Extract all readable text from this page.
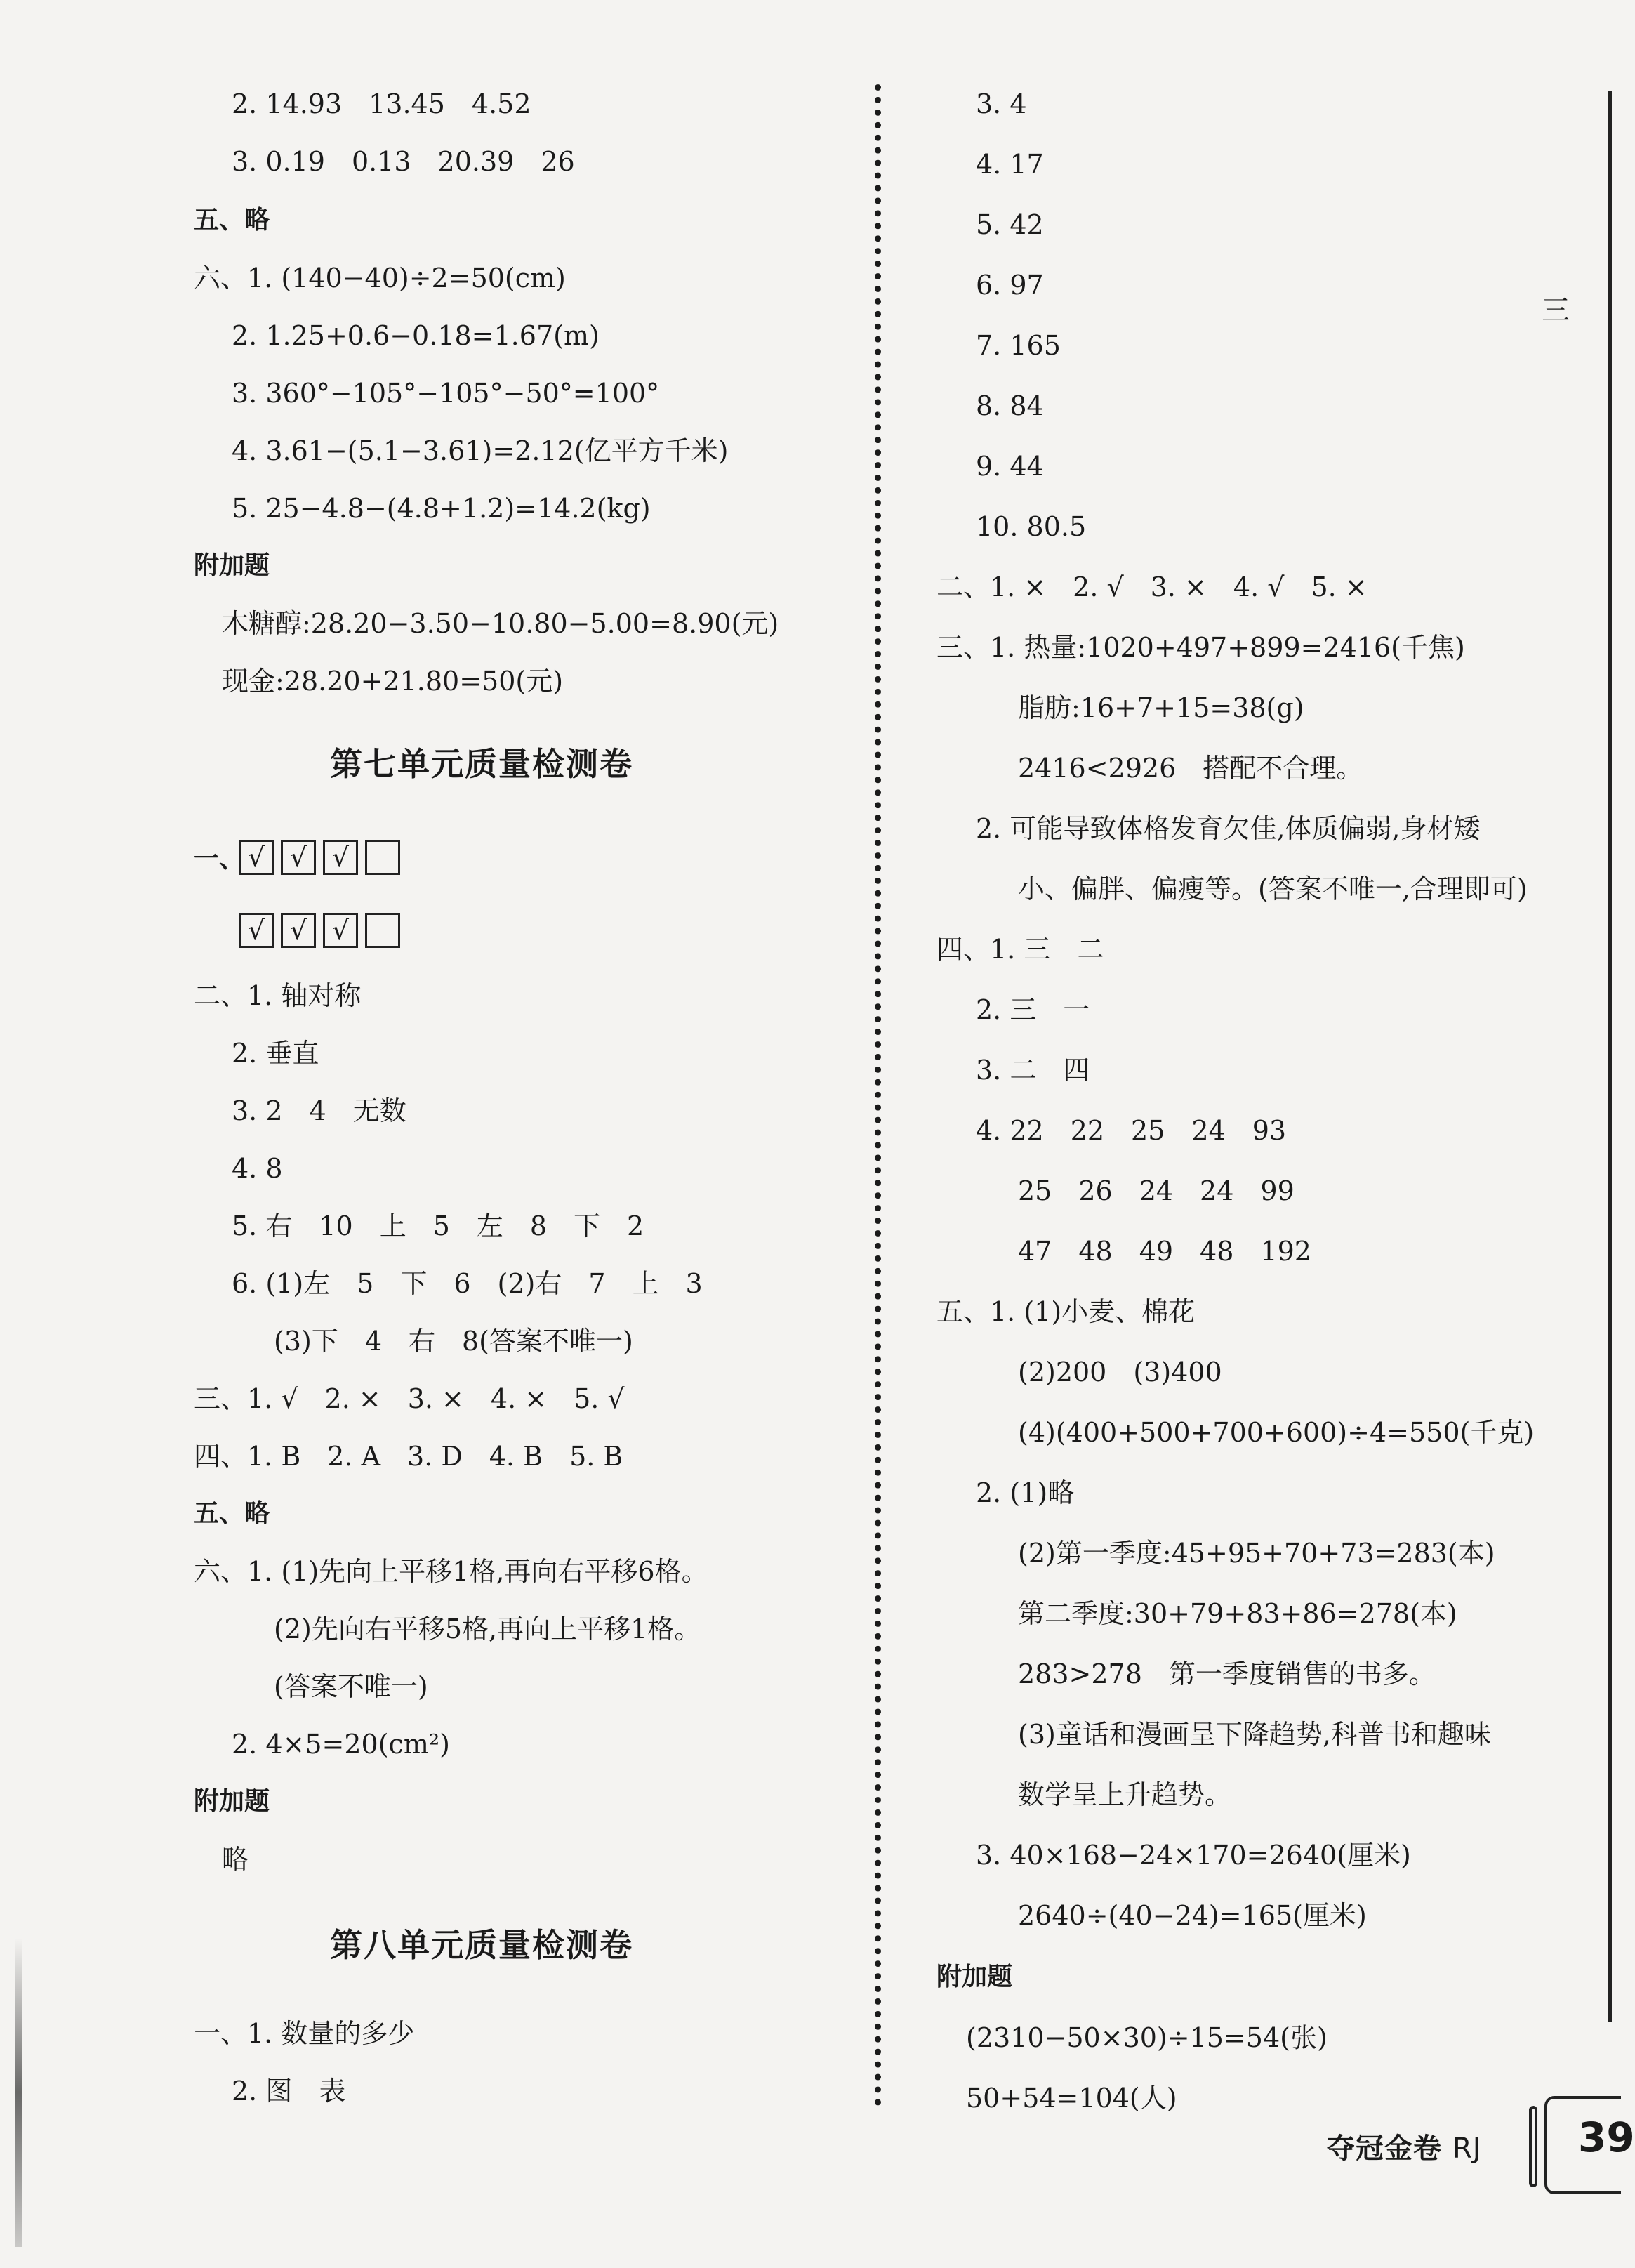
2. 14.93　13.45　4.52
3. 0.19　0.13　20.39　26
五、略
六、1. (140−40)÷2=50(cm)
2. 1.25+0.6−0.18=1.67(m)
3. 360°−105°−105°−50°=100°
4. 3.61−(5.1−3.61)=2.12(亿平方千米)
5. 25−4.8−(4.8+1.2)=14.2(kg)
附加题
木糖醇:28.20−3.50−10.80−5.00=8.90(元)
现金:28.20+21.80=50(元)
第七单元质量检测卷
一、 √ √ √
√ √ √
二、1. 轴对称
2. 垂直
3. 2　4　无数
4. 8
5. 右　10　上　5　左　8　下　2
6. (1)左　5　下　6　(2)右　7　上　3
(3)下　4　右　8(答案不唯一)
三、1. √　2. ×　3. ×　4. ×　5. √
四、1. B　2. A　3. D　4. B　5. B
五、略
六、1. (1)先向上平移1格,再向右平移6格。
(2)先向右平移5格,再向上平移1格。
(答案不唯一)
2. 4×5=20(cm²)
附加题
略
第八单元质量检测卷
一、1. 数量的多少
2. 图　表
3. 4
4. 17
5. 42
6. 97
7. 165
8. 84
9. 44
10. 80.5
二、1. ×　2. √　3. ×　4. √　5. ×
三、1. 热量:1020+497+899=2416(千焦)
脂肪:16+7+15=38(g)
2416<2926　搭配不合理。
2. 可能导致体格发育欠佳,体质偏弱,身材矮
小、偏胖、偏瘦等。(答案不唯一,合理即可)
四、1. 三　二
2. 三　一
3. 二　四
4. 22　22　25　24　93
25　26　24　24　99
47　48　49　48　192
五、1. (1)小麦、棉花
(2)200　(3)400
(4)(400+500+700+600)÷4=550(千克)
2. (1)略
(2)第一季度:45+95+70+73=283(本)
第二季度:30+79+83+86=278(本)
283>278　第一季度销售的书多。
(3)童话和漫画呈下降趋势,科普书和趣味
数学呈上升趋势。
3. 40×168−24×170=2640(厘米)
2640÷(40−24)=165(厘米)
附加题
(2310−50×30)÷15=54(张)
50+54=104(人)
三
夺冠金卷 RJ 39
